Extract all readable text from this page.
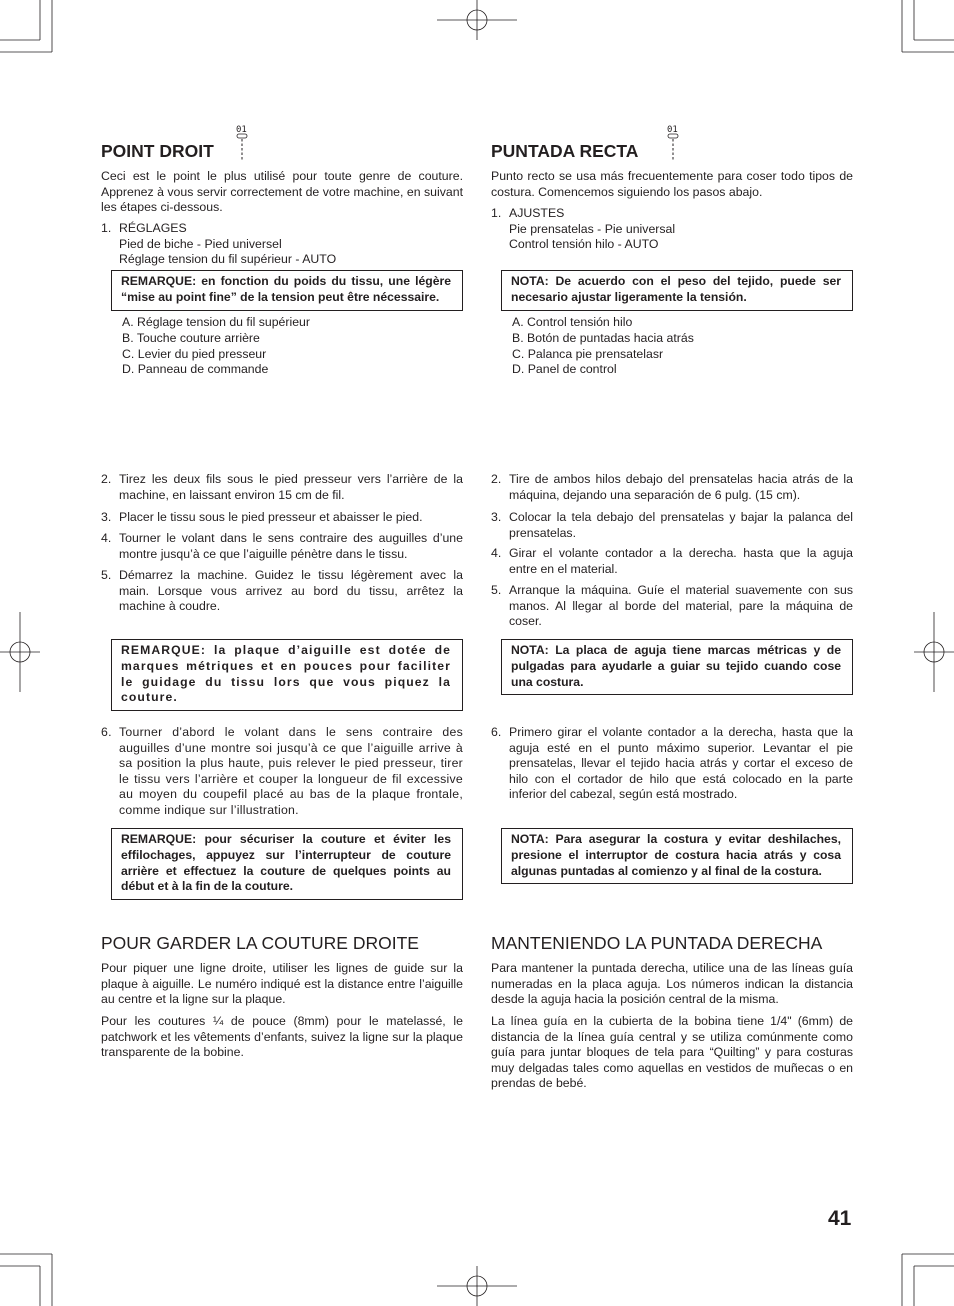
POINT DROIT
01

Ceci est le point le plus utilisé pour toute genre de couture. Apprenez à vous servir correctement de votre machine, en suivant les étapes ci-dessous.

1. RÉGLAGES
Pied de biche - Pied universel
Réglage tension du fil supérieur - AUTO
REMARQUE: en fonction du poids du tissu, une légère “mise au point fine” de la tension peut être nécessaire.
A. Réglage tension du fil supérieur
B. Touche couture arrière
C. Levier du pied presseur
D. Panneau de commande
2. Tirez les deux fils sous le pied presseur vers l’arrière de la machine, en laissant environ 15 cm de fil.
3. Placer le tissu sous le pied presseur et abaisser le pied.
4. Tourner le volant dans le sens contraire des auguilles d’une montre jusqu’à ce que l’aiguille pénètre dans le tissu.
5. Démarrez la machine. Guidez le tissu légèrement avec la main. Lorsque vous arrivez au bord du tissu, arrêtez la machine à coudre.
REMARQUE: la plaque d’aiguille est dotée de marques métriques et en pouces pour faciliter le guidage du tissu lors que vous piquez la couture.
6. Tourner d’abord le volant dans le sens contraire des auguilles d’une montre soi jusqu’à ce que l’aiguille arrive à sa position la plus haute, puis relever le pied presseur, tirer le tissu vers l’arrière et couper la longueur de fil excessive au moyen du coupefil placé au bas de la plaque frontale, comme indique sur l’illustration.
REMARQUE: pour sécuriser la couture et éviter les effilochages, appuyez sur l’interrupteur de couture arrière et effectuez la couture de quelques points au début et à la fin de la couture.
POUR GARDER LA COUTURE DROITE

Pour piquer une ligne droite, utiliser les lignes de guide sur la plaque à aiguille. Le numéro indiqué est la distance entre l’aiguille au centre et la ligne sur la plaque.

Pour les coutures ¼ de pouce (8mm) pour le matelassé, le patchwork et les vêtements d’enfants, suivez la ligne sur la plaque transparente de la bobine.

PUNTADA RECTA
01

Punto recto se usa más frecuentemente para coser todo tipos de costura. Comencemos siguiendo los pasos abajo.

1. AJUSTES
Pie prensatelas - Pie universal
Control tensión hilo - AUTO
NOTA: De acuerdo con el peso del tejido, puede ser necesario ajustar ligeramente la tensión.
A. Control tensión hilo
B. Botón de puntadas hacia atrás
C. Palanca pie prensatelasr
D. Panel de control
2. Tire de ambos hilos debajo del prensatelas hacia atrás de la máquina, dejando una separación de 6 pulg. (15 cm).
3. Colocar la tela debajo del prensatelas y bajar la palanca del prensatelas.
4. Girar el volante contador a la derecha. hasta que la aguja entre en el material.
5. Arranque la máquina. Guíe el material suavemente con sus manos. Al llegar al borde del material, pare la máquina de coser.
NOTA: La placa de aguja tiene marcas métricas y de pulgadas para ayudarle a guiar su tejido cuando cose una costura.
6. Primero girar el volante contador a la derecha, hasta que la aguja esté en el punto máximo superior. Levantar el pie prensatelas, llevar el tejido hacia atrás y cortar el exceso de hilo con el cortador de hilo que está colocado en la parte inferior del cabezal, según está mostrado.
NOTA: Para asegurar la costura y evitar deshilaches, presione el interruptor de costura hacia atrás y cosa algunas puntadas al comienzo y al final de la costura.
MANTENIENDO LA PUNTADA DERECHA

Para mantener la puntada derecha, utilice una de las líneas guía numeradas en la placa aguja. Los números indican la distancia desde la aguja hacia la posición central de la misma.

La línea guía en la cubierta de la bobina tiene 1/4" (6mm) de distancia de la línea guía central y se utiliza comúnmente como guía para juntar bloques de tela para “Quilting” y para costuras muy delgadas tales como aquellas en vestidos de muñecas o en prendas de bebé.

41
